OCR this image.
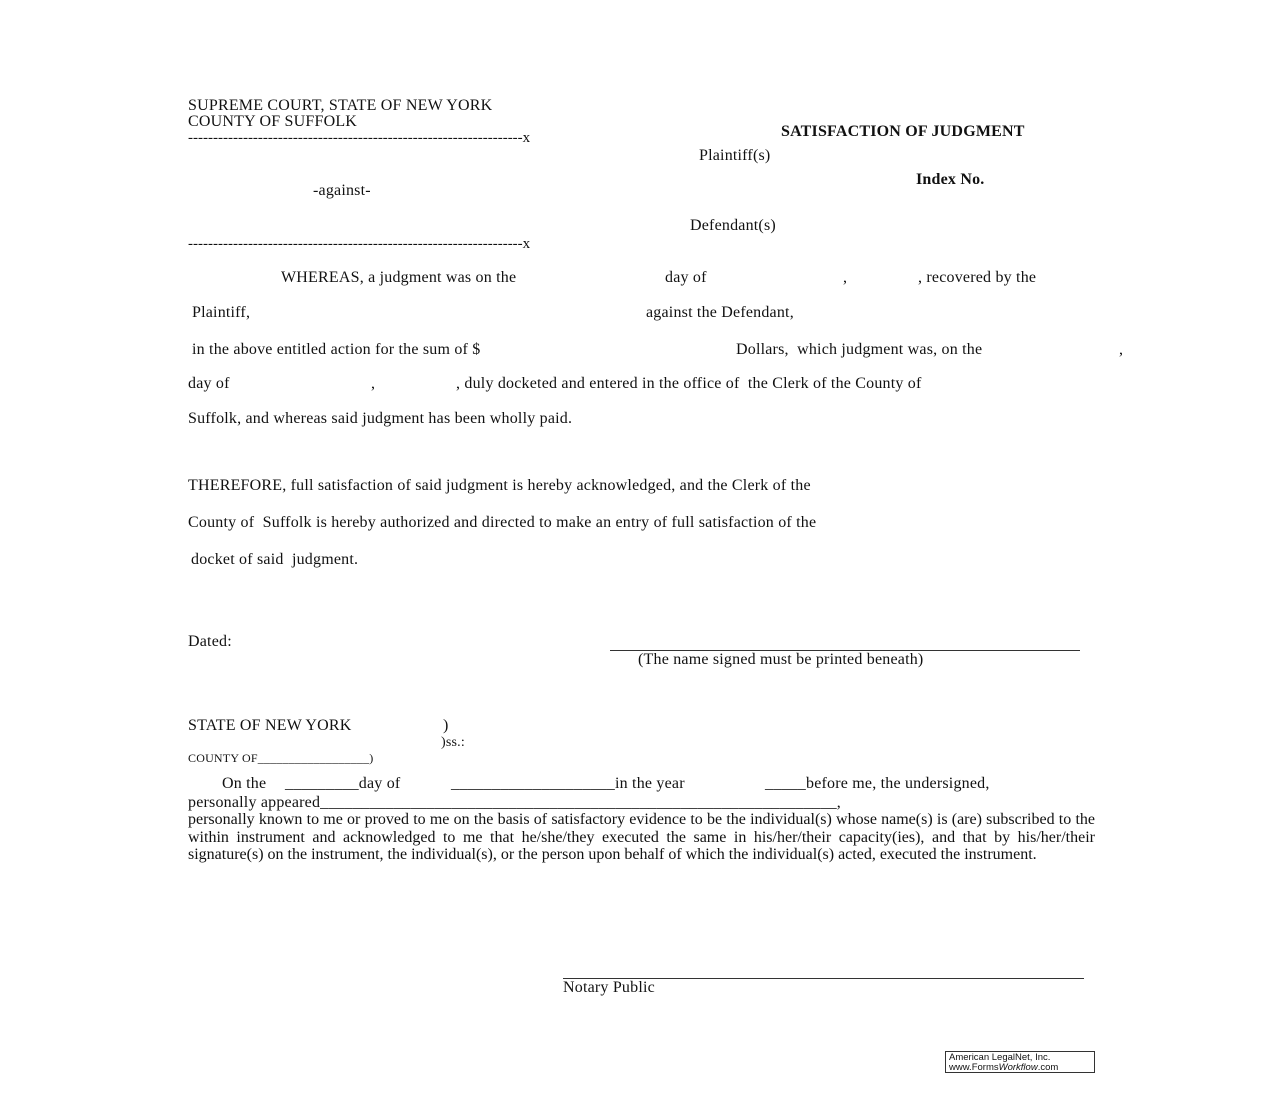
SUPREME COURT, STATE OF NEW YORK
COUNTY OF SUFFOLK
-------------------------------------------------------------------x
Plaintiff(s)
-against-
Defendant(s)
-------------------------------------------------------------------x
SATISFACTION OF JUDGMENT
Index No.
WHEREAS, a judgment was on the	day of	,	, recovered by the
Plaintiff,	against the Defendant,
in the above entitled action for the sum of $	Dollars,  which judgment was, on the	,
day of	,	, duly docketed and entered in the office of  the Clerk of the County of
Suffolk, and whereas said judgment has been wholly paid.
THEREFORE, full satisfaction of said judgment is hereby acknowledged, and the Clerk of the
County of  Suffolk is hereby authorized and directed to make an entry of full satisfaction of the
docket of said  judgment.
Dated:
(The name signed must be printed beneath)
STATE OF NEW YORK	)
)ss.:
COUNTY OF__________________)
On the _________day of	____________________in the year	_____before me, the undersigned,
personally appeared_______________________________________________________________,
personally known to me or proved to me on the basis of satisfactory evidence to be the individual(s) whose name(s) is (are) subscribed to the within instrument and acknowledged to me that he/she/they executed the same in his/her/their capacity(ies), and that by his/her/their signature(s) on the instrument, the individual(s), or the person upon behalf of which the individual(s) acted, executed the instrument.
Notary Public
American LegalNet, Inc.
www.FormsWorkflow.com
